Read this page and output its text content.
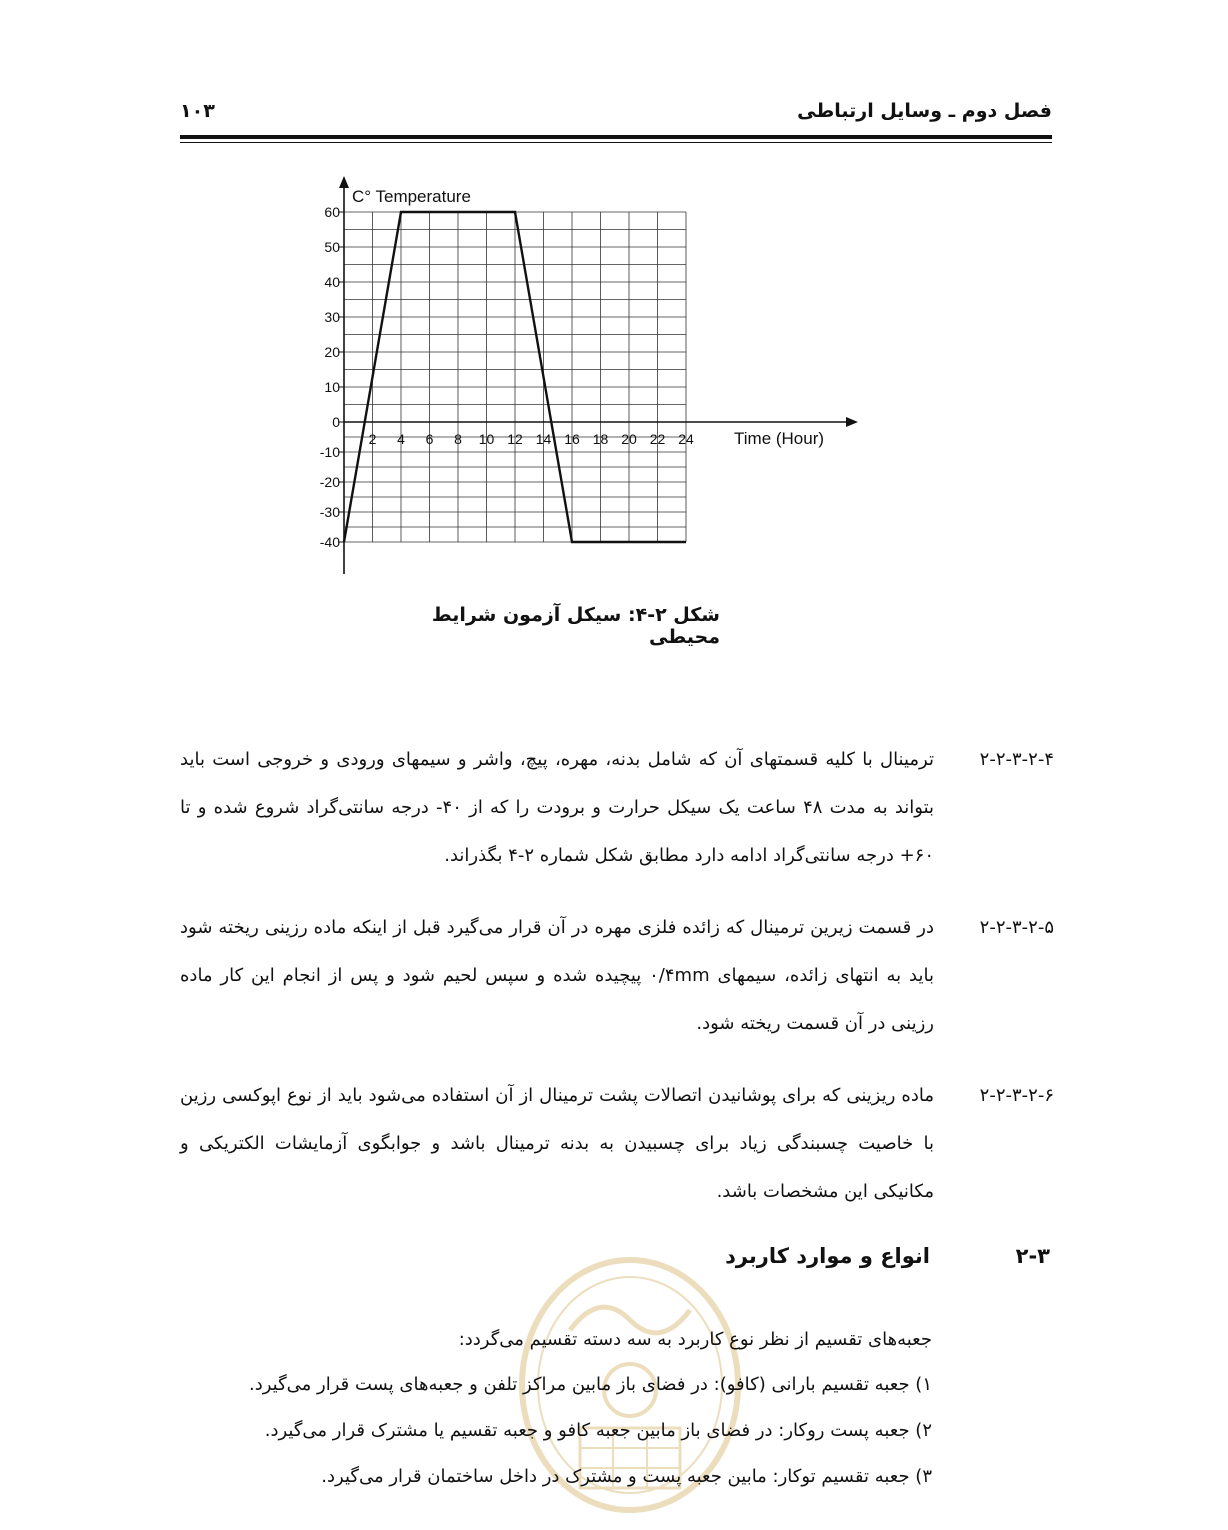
فصل دوم ـ وسایل ارتباطی
۱۰۳
60
50
40
30
20
10
0
-10
-20
-30
-40
2 4 6 8 10 12 14 16 18 20 22 24
C° Temperature
Time (Hour)
شکل ۲-۴: سیکل آزمون شرایط محیطی
۲-۲-۳-۲-۴
ترمینال با کلیه قسمتهای آن که شامل بدنه، مهره، پیچ، واشر و سیمهای ورودی و خروجی است باید بتواند به مدت ۴۸ ساعت یک سیکل حرارت و برودت را که از ۴۰- درجه سانتی‌گراد شروع شده و تا ۶۰+ درجه سانتی‌گراد ادامه دارد مطابق شکل شماره ۲-۴ بگذراند.
۲-۲-۳-۲-۵
در قسمت زیرین ترمینال که زائده فلزی مهره در آن قرار می‌گیرد قبل از اینکه ماده رزینی ریخته شود باید به انتهای زائده، سیمهای ۰/۴mm پیچیده شده و سپس لحیم شود و پس از انجام این کار ماده رزینی در آن قسمت ریخته شود.
۲-۲-۳-۲-۶
ماده ریزینی که برای پوشانیدن اتصالات پشت ترمینال از آن استفاده می‌شود باید از نوع اپوکسی رزین با خاصیت چسبندگی زیاد برای چسبیدن به بدنه ترمینال باشد و جوابگوی آزمایشات الکتریکی و مکانیکی این مشخصات باشد.
۲-۳
انواع و موارد کاربرد
جعبه‌های تقسیم از نظر نوع کاربرد به سه دسته تقسیم می‌گردد:
۱) جعبه تقسیم بارانی (کافو): در فضای باز مابین مراکز تلفن و جعبه‌های پست قرار می‌گیرد.
۲) جعبه پست روکار: در فضای باز مابین جعبه کافو و جعبه تقسیم یا مشترک قرار می‌گیرد.
۳) جعبه تقسیم توکار: مابین جعبه پست و مشترک در داخل ساختمان قرار می‌گیرد.
